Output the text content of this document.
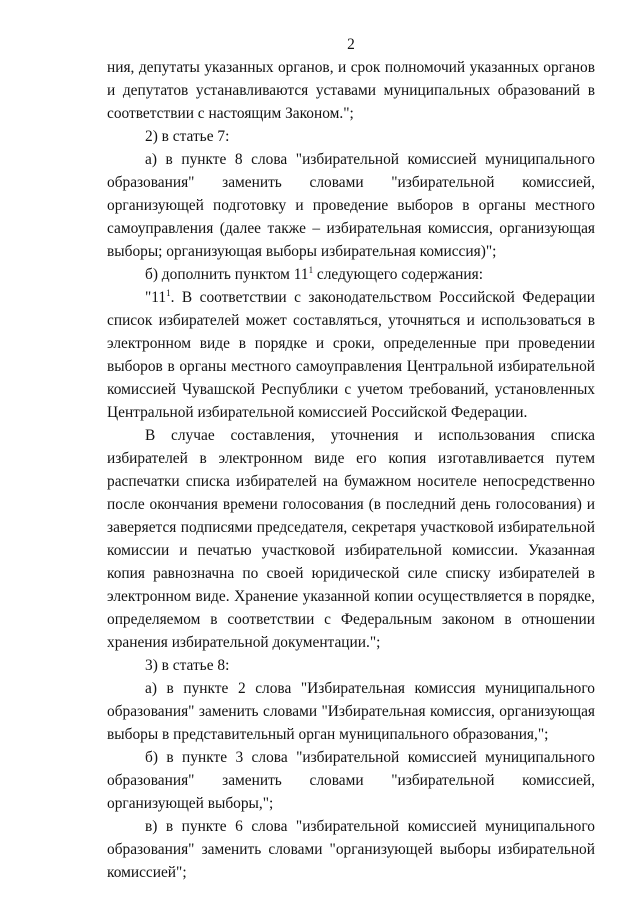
2

ния, депутаты указанных органов, и срок полномочий указанных органов и депутатов устанавливаются уставами муниципальных образований в соответствии с настоящим Законом.";

2) в статье 7:

а) в пункте 8 слова "избирательной комиссией муниципального образования" заменить словами "избирательной комиссией, организующей подготовку и проведение выборов в органы местного самоуправления (далее также – избирательная комиссия, организующая выборы; организующая выборы избирательная комиссия)";

б) дополнить пунктом $11^1$ следующего содержания:

"$11^1$. В соответствии с законодательством Российской Федерации список избирателей может составляться, уточняться и использоваться в электронном виде в порядке и сроки, определенные при проведении выборов в органы местного самоуправления Центральной избирательной комиссией Чувашской Республики с учетом требований, установленных Центральной избирательной комиссией Российской Федерации.

В случае составления, уточнения и использования списка избирателей в электронном виде его копия изготавливается путем распечатки списка избирателей на бумажном носителе непосредственно после окончания времени голосования (в последний день голосования) и заверяется подписями председателя, секретаря участковой избирательной комиссии и печатью участковой избирательной комиссии. Указанная копия равнозначна по своей юридической силе списку избирателей в электронном виде. Хранение указанной копии осуществляется в порядке, определяемом в соответствии с Федеральным законом в отношении хранения избирательной документации.";

3) в статье 8:

а) в пункте 2 слова "Избирательная комиссия муниципального образования" заменить словами "Избирательная комиссия, организующая выборы в представительный орган муниципального образования,";

б) в пункте 3 слова "избирательной комиссией муниципального образования" заменить словами "избирательной комиссией, организующей выборы,";

в) в пункте 6 слова "избирательной комиссией муниципального образования" заменить словами "организующей выборы избирательной комиссией";
